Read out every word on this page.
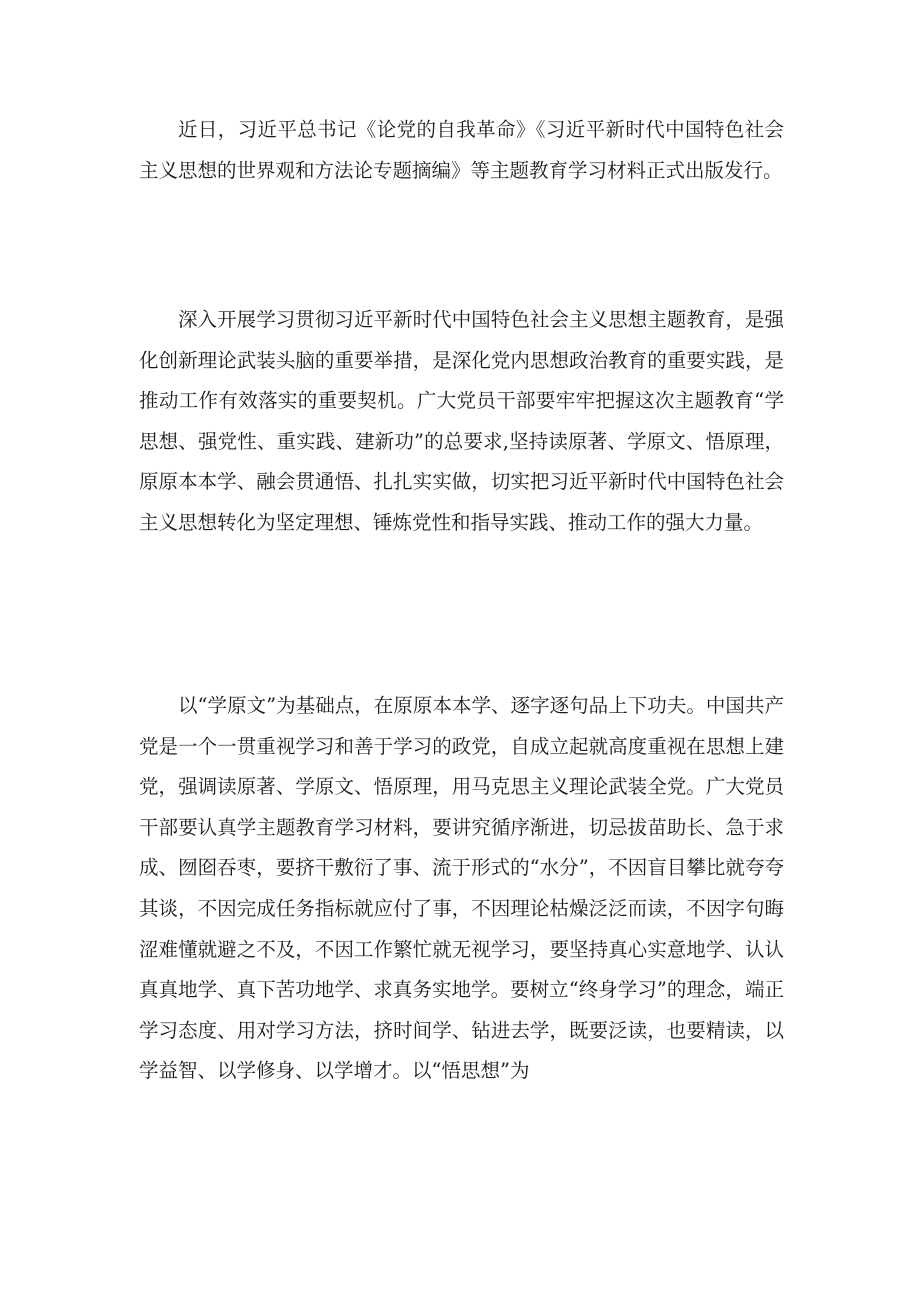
近日，习近平总书记《论党的自我革命》《习近平新时代中国特色社会主义思想的世界观和方法论专题摘编》等主题教育学习材料正式出版发行。

深入开展学习贯彻习近平新时代中国特色社会主义思想主题教育，是强化创新理论武装头脑的重要举措，是深化党内思想政治教育的重要实践，是推动工作有效落实的重要契机。广大党员干部要牢牢把握这次主题教育“学思想、强党性、重实践、建新功”的总要求,坚持读原著、学原文、悟原理，原原本本学、融会贯通悟、扎扎实实做，切实把习近平新时代中国特色社会主义思想转化为坚定理想、锤炼党性和指导实践、推动工作的强大力量。

以“学原文”为基础点，在原原本本学、逐字逐句品上下功夫。中国共产党是一个一贯重视学习和善于学习的政党，自成立起就高度重视在思想上建党，强调读原著、学原文、悟原理，用马克思主义理论武装全党。广大党员干部要认真学主题教育学习材料，要讲究循序渐进，切忌拔苗助长、急于求成、囫囵吞枣，要挤干敷衍了事、流于形式的“水分”，不因盲目攀比就夸夸其谈，不因完成任务指标就应付了事，不因理论枯燥泛泛而读，不因字句晦涩难懂就避之不及，不因工作繁忙就无视学习，要坚持真心实意地学、认认真真地学、真下苦功地学、求真务实地学。要树立“终身学习”的理念，端正学习态度、用对学习方法，挤时间学、钻进去学，既要泛读，也要精读，以学益智、以学修身、以学增才。以“悟思想”为
